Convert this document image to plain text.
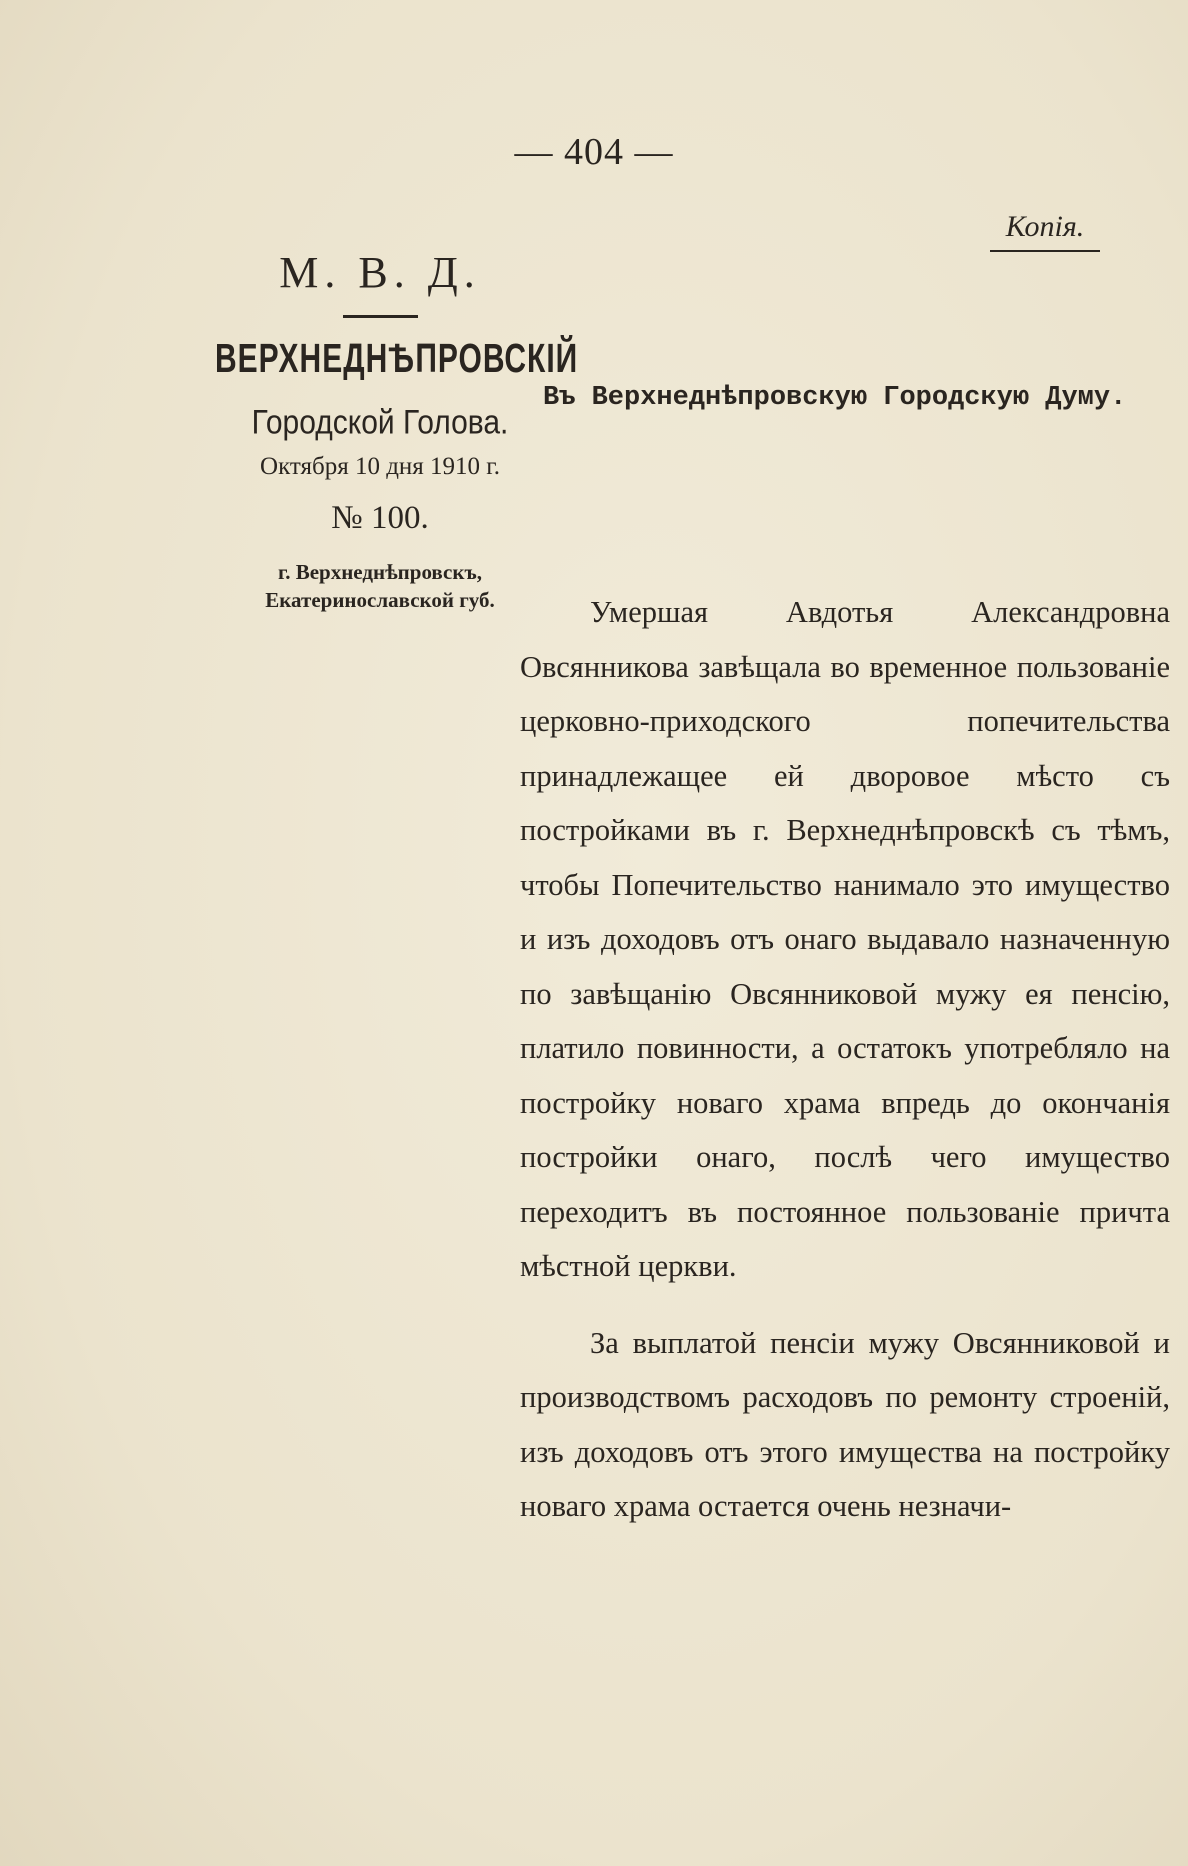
— 404 —
Копія.

М. В. Д.

ВЕРХНЕДНѢПРОВСКІЙ

Городской Голова.

Октября 10 дня 1910 г.

№ 100.

г. Верхнеднѣпровскъ, Екатеринославской губ.

Въ Верхнеднѣпровскую Городскую Думу.

Умершая Авдотья Александровна Овсянникова завѣщала во временное пользованіе церковно-приходского попечительства принадлежащее ей дворовое мѣсто съ постройками въ г. Верхнеднѣпровскѣ съ тѣмъ, чтобы Попечительство нанимало это имущество и изъ доходовъ отъ онаго выдавало назначенную по завѣщанію Овсянниковой мужу ея пенсію, платило повинности, а остатокъ употребляло на постройку новаго храма впредь до окончанія постройки онаго, послѣ чего имущество переходитъ въ постоянное пользованіе причта мѣстной церкви.

За выплатой пенсіи мужу Овсянниковой и производствомъ расходовъ по ремонту строеній, изъ доходовъ отъ этого имущества на постройку новаго храма остается очень незначи-
